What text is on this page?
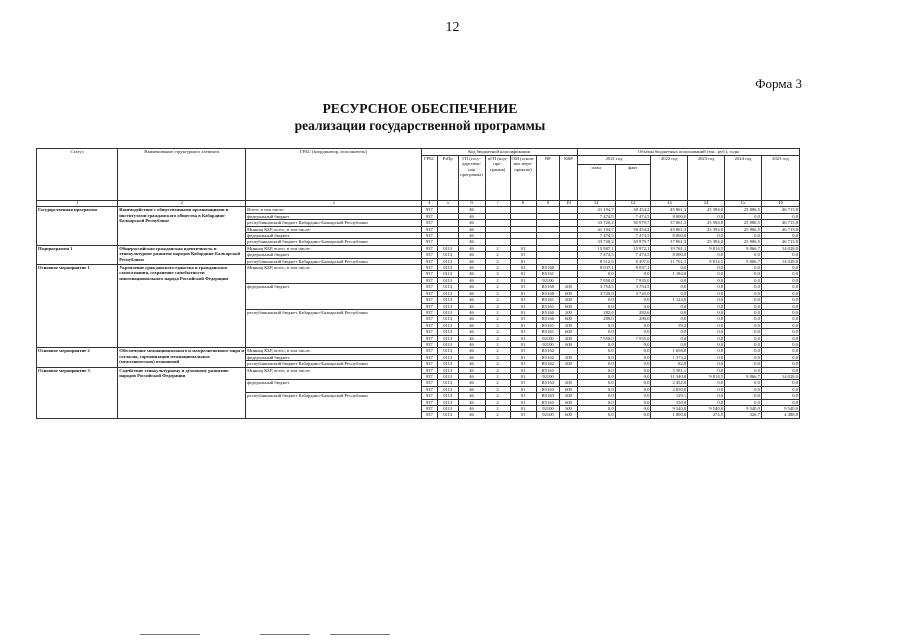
12
Форма 3
РЕСУРСНОЕ ОБЕСПЕЧЕНИЕ
реализации государственной программы
Статус	Наименование структурного элемента	ГРБС (координатор, исполнитель)	Код бюджетной классификации							Объемы бюджетных ассигнований (тыс. руб.), годы					
			ГРБС	РзПр	ГП (госу-дарствен-ная программа)	пГП (под-про-грамма)	ОМ (основ-ное меро-приятие)	НР	КВР	2021 год		2022 год	2023 год	2024 год	2025 год
										план	факт				
1	2	3	4	5	6	7	8	9	10	11	12	13	14	15	16
Государственная программа	Взаимодействие с общественными организациями и институтами гражданского общества в Кабардино-Балкарской Республике	Всего, в том числе:	937		46					41 194,7	38 454,2	45 861,3	25 394,0	25 806,5	46 713,8
		федеральный бюджет	937		46					7 474,5	7 474,5	8 000,0	0,0	0,0	0,0
		республиканский бюджет Кабардино-Балкарской Республики	937		46					33 720,2	30 979,7	37 861,3	25 394,0	25 806,5	46 713,8
		Миннац КБР, всего, в том числе:	937		46					41 194,7	38 454,2	45 861,3	25 394,0	25 806,5	46 713,8
		федеральный бюджет	937		46					7 474,5	7 474,5	8 000,0	0,0	0,0	0,0
		республиканский бюджет Кабардино-Балкарской Республики	937		46					33 720,2	30 979,7	37 861,3	25 394,0	25 806,5	46 713,8
Подпрограмма 1	Общероссийская гражданская идентичность и этнокультурное развитие народов Кабардино-Балкарской Республики	Миннац КБР, всего, в том числе:	937	0113	46	2	01			15 987,1	15 972,1	19 761,1	9 814,5	9 866,7	14 028,0
		федеральный бюджет	937	0113	46	2	01			7 474,5	7 474,5	8 000,0	0,0	0,0	0,0
		республиканский бюджет Кабардино-Балкарской Республики	937	0113	46	2	01			8 512,6	8 497,6	11 761,1	9 814,5	9 866,7	14 028,0
Основное мероприятие 1	Укрепление гражданского единства и гражданского самосознания, сохранение самобытности многонационального народа Российской Федерации	Миннац КБР, всего, в том числе:	937	0113	46	2	01	R5160		8 037,1	8 037,1	0,0	0,0	0,0	0,0
			937	0113	46	2	01	R5161		0,0	0,0	1 184,0	0,0	0,0	0,0
			937	0113	46	2	01	92100		7 950,0	7 935,0	0,0	0,0	0,0	0,0
		федеральный бюджет	937	0113	46	2	01	R5160	200	3 754,5	3 754,5	0,0	0,0	0,0	0,0
			937	0113	46	2	01	R5160	600	3 720,0	3 720,0	0,0	0,0	0,0	0,0
			937	0113	46	2	01	R5161	200	0,0	0,0	1 124,8	0,0	0,0	0,0
			937	0113	46	2	01	R5161	600	0,0	0,0	0,0	0,0	0,0	0,0
		республиканский бюджет Кабардино-Балкарской Республики	937	0113	46	2	01	R5160	200	282,6	282,6	0,0	0,0	0,0	0,0
			937	0113	46	2	01	R5160	600	280,0	280,0	0,0	0,0	0,0	0,0
			937	0113	46	2	01	R5161	200	0,0	0,0	59,2	0,0	0,0	0,0
			937	0113	46	2	01	R5161	600	0,0	0,0	0,0	0,0	0,0	0,0
			937	0113	46	2	01	92100	200	7 950,0	7 935,0	0,0	0,0	0,0	0,0
			937	0113	46	2	01	92100	600	0,0	0,0	0,0	0,0	0,0	0,0
Основное мероприятие 2	Обеспечение межнационального и межрелигиозного мира и согласия, гармонизация межнациональных (межэтнических) отношений	Миннац КБР, всего, в том числе:	937	0113	46	2	01	R5162		0,0	0,0	1 656,0	0,0	0,0	0,0
		федеральный бюджет	937	0113	46	2	01	R5162	200	0,0	0,0	1 573,2	0,0	0,0	0,0
		республиканский бюджет Кабардино-Балкарской Республики	937	0113	46	2	01	R5162	200	0,0	0,0	82,8	0,0	0,0	0,0
Основное мероприятие 3	Содействие этнокультурному и духовному развитию народов Российской Федерации	Миннац КБР, всего, в том числе:	937	0113	46	2	01	R5163		0,0	0,0	5 581,1	0,0	0,0	0,0
			937	0113	46	2	01	92100		0,0	0,0	11 340,0	9 814,5	9 866,7	14 028,0
		федеральный бюджет	937	0113	46	2	01	R5163	200	0,0	0,0	2 452,0	0,0	0,0	0,0
			937	0113	46	2	01	R5163	600	0,0	0,0	2 850,0	0,0	0,0	0,0
		республиканский бюджет Кабардино-Балкарской Республики	937	0113	46	2	01	R5163	200	0,0	0,0	129,1	0,0	0,0	0,0
			937	0113	46	2	01	R5163	600	0,0	0,0	150,0	0,0	0,0	0,0
			937	0113	46	2	01	92100	300	0,0	0,0	9 540,0	9 540,0	9 540,0	9 540,0
			937	0113	46	2	01	92100	600	0,0	0,0	1 800,0	274,5	326,7	4 488,0
